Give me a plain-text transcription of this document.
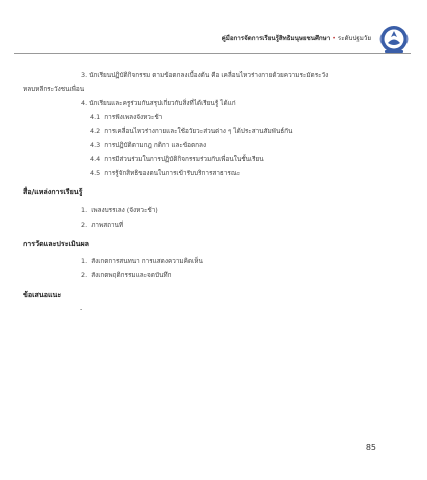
คู่มือการจัดการเรียนรู้สิทธิมนุษยชนศึกษา • ระดับปฐมวัย
3. นักเรียนปฏิบัติกิจกรรม ตามข้อตกลงเบื้องต้น คือ เคลื่อนไหวร่างกายด้วยความระมัดระวัง
หลบหลีกระวังชนเพื่อน
4. นักเรียนและครูร่วมกันสรุปเกี่ยวกับสิ่งที่ได้เรียนรู้ ได้แก่
4.1 การฟังเพลงจังหวะช้า
4.2 การเคลื่อนไหวร่างกายและใช้อวัยวะส่วนต่าง ๆ ได้ประสานสัมพันธ์กัน
4.3 การปฏิบัติตามกฎ กติกา และข้อตกลง
4.4 การมีส่วนร่วมในการปฏิบัติกิจกรรมร่วมกับเพื่อนในชั้นเรียน
4.5 การรู้จักสิทธิของตนในการเข้ารับบริการสาธารณะ
สื่อ/แหล่งการเรียนรู้
1. เพลงบรรเลง (จังหวะช้า)
2. ภาพสถานที่
การวัดและประเมินผล
1. สังเกตการสนทนา การแสดงความคิดเห็น
2. สังเกตพฤติกรรมและจดบันทึก
ข้อเสนอแนะ
-
85
